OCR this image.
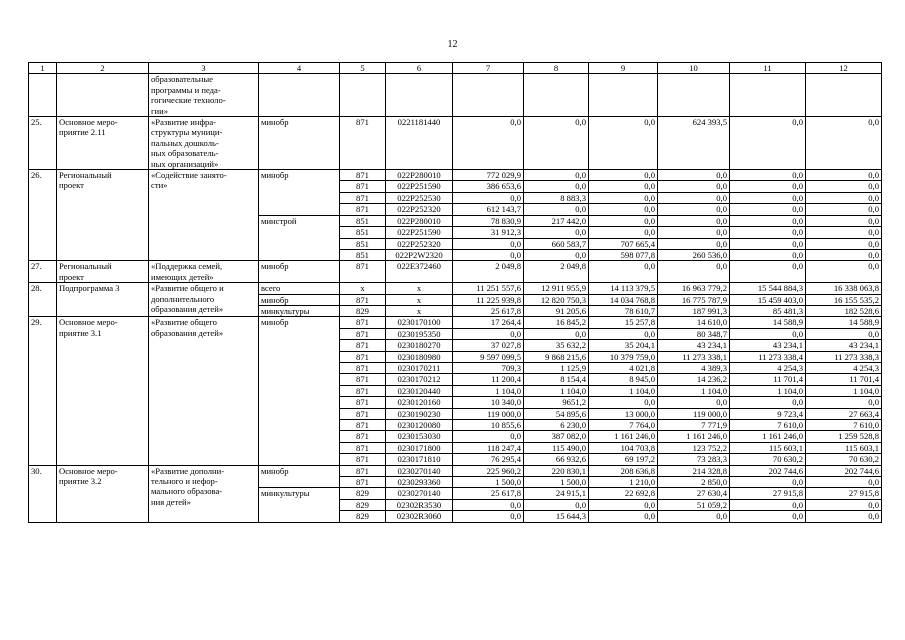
12
1	2	3	4	5	6	7	8	9	10	11	12
		образовательные
программы и педа-
гогические техноло-
гии»									
25.	Основное меро-
приятие 2.11	«Развитие инфра-
структуры муници-
пальных дошколь-
ных образователь-
ных организаций»	минобр	871	0221181440	0,0	0,0	0,0	624 393,5	0,0	0,0
26.	Региональный
проект	«Содействие занято-
сти»	минобр	871	022P280010	772 029,9	0,0	0,0	0,0	0,0	0,0
				871	022P251590	386 653,6	0,0	0,0	0,0	0,0	0,0
				871	022P252530	0,0	8 883,3	0,0	0,0	0,0	0,0
				871	022P252320	612 143,7	0,0	0,0	0,0	0,0	0,0
			минстрой	851	022P280010	78 830,9	217 442,0	0,0	0,0	0,0	0,0
				851	022P251590	31 912,3	0,0	0,0	0,0	0,0	0,0
				851	022P252320	0,0	660 583,7	707 665,4	0,0	0,0	0,0
				851	022P2W2320	0,0	0,0	598 077,8	260 536,0	0,0	0,0
27.	Региональный
проект	«Поддержка семей,
имеющих детей»	минобр	871	022E372460	2 049,8	2 049,8	0,0	0,0	0,0	0,0
28.	Подпрограмма 3	«Развитие общего и
дополнительного
образования детей»	всего	x	x	11 251 557,6	12 911 955,9	14 113 379,5	16 963 779,2	15 544 884,3	16 338 063,8
			минобр	871	x	11 225 939,8	12 820 750,3	14 034 768,8	16 775 787,9	15 459 403,0	16 155 535,2
			минкультуры	829	x	25 617,8	91 205,6	78 610,7	187 991,3	85 481,3	182 528,6
29.	Основное меро-
приятие 3.1	«Развитие общего
образования детей»	минобр	871	0230170100	17 264,4	16 845,2	15 257,8	14 610,0	14 588,9	14 588,9
				871	0230195350	0,0	0,0	0,0	80 348,7	0,0	0,0
				871	0230180270	37 027,8	35 632,2	35 204,1	43 234,1	43 234,1	43 234,1
				871	0230180980	9 597 099,5	9 868 215,6	10 379 759,0	11 273 338,1	11 273 338,4	11 273 338,3
				871	0230170211	709,3	1 125,9	4 021,8	4 389,3	4 254,3	4 254,3
				871	0230170212	11 200,4	8 154,4	8 945,0	14 236,2	11 701,4	11 701,4
				871	0230120440	1 104,0	1 104,0	1 104,0	1 104,0	1 104,0	1 104,0
				871	0230120160	10 340,0	9651,2	0,0	0,0	0,0	0,0
				871	0230190230	119 000,0	54 895,6	13 000,0	119 000,0	9 723,4	27 663,4
				871	0230120080	10 855,6	6 230,0	7 764,0	7 771,9	7 610,0	7 610,0
				871	0230153030	0,0	387 082,0	1 161 246,0	1 161 246,0	1 161 246,0	1 259 528,8
				871	0230171800	118 247,4	115 490,0	104 703,8	123 752,2	115 603,1	115 603,1
				871	0230171810	76 295,4	66 932,6	69 197,2	73 283,3	70 630,2	70 630,2
30.	Основное меро-
приятие 3.2	«Развитие дополни-
тельного и нефор-
мального образова-
ния детей»	минобр	871	0230270140	225 960,2	220 830,1	208 636,8	214 328,8	202 744,6	202 744,6
				871	0230293360	1 500,0	1 500,0	1 210,0	2 850,0	0,0	0,0
			минкультуры	829	0230270140	25 617,8	24 915,1	22 692,8	27 630,4	27 915,8	27 915,8
				829	02302R3530	0,0	0,0	0,0	51 059,2	0,0	0,0
				829	02302R3060	0,0	15 644,3	0,0	0,0	0,0	0,0
